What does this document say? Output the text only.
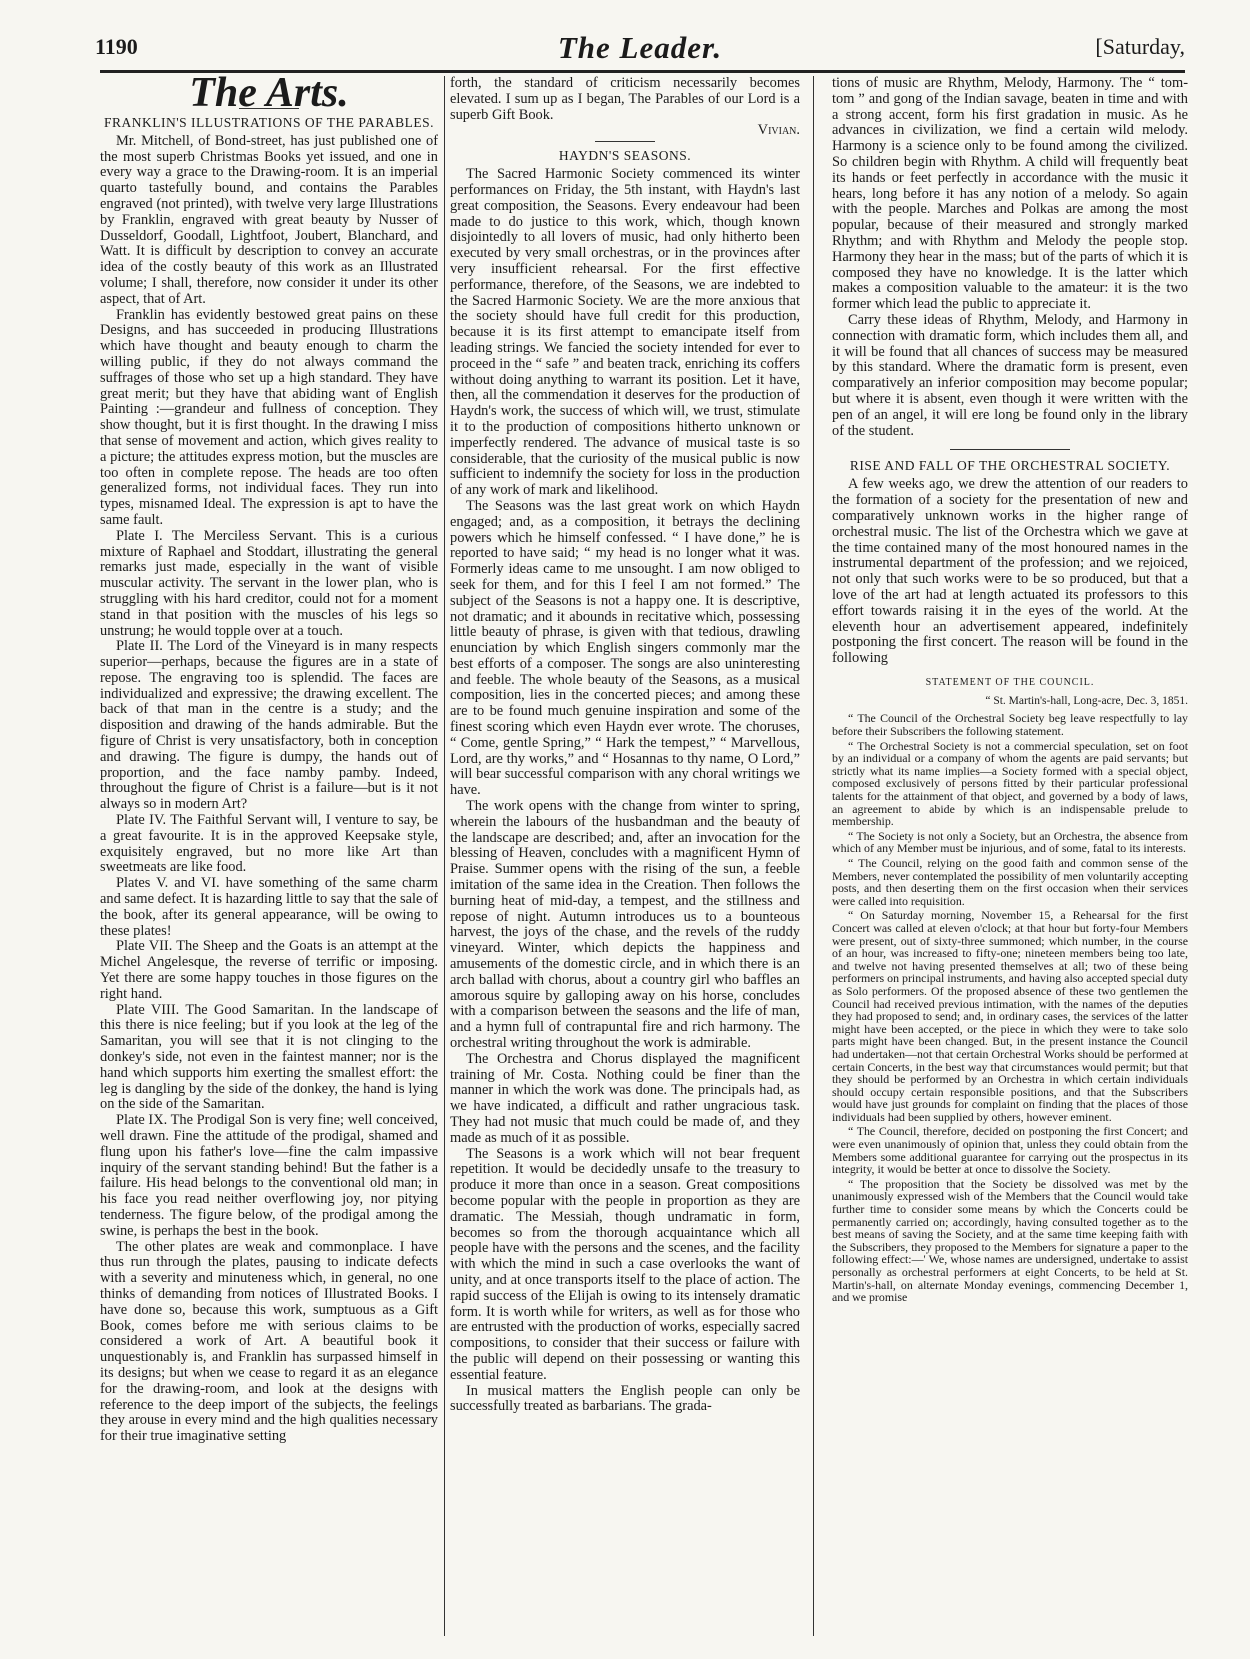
1190	The Leader.	[Saturday,
The Arts.
FRANKLIN'S ILLUSTRATIONS OF THE PARABLES.

Mr. Mitchell, of Bond-street, has just published one of the most superb Christmas Books yet issued, and one in every way a grace to the Drawing-room. It is an imperial quarto tastefully bound, and contains the Parables engraved (not printed), with twelve very large Illustrations by Franklin, engraved with great beauty by Nusser of Dusseldorf, Goodall, Lightfoot, Joubert, Blanchard, and Watt. It is difficult by description to convey an accurate idea of the costly beauty of this work as an Illustrated volume; I shall, therefore, now consider it under its other aspect, that of Art.

Franklin has evidently bestowed great pains on these Designs, and has succeeded in producing Illustrations which have thought and beauty enough to charm the willing public, if they do not always command the suffrages of those who set up a high standard. They have great merit; but they have that abiding want of English Painting :—grandeur and fullness of conception. They show thought, but it is first thought. In the drawing I miss that sense of movement and action, which gives reality to a picture; the attitudes express motion, but the muscles are too often in complete repose. The heads are too often generalized forms, not individual faces. They run into types, misnamed Ideal. The expression is apt to have the same fault.

Plate I. The Merciless Servant. This is a curious mixture of Raphael and Stoddart, illustrating the general remarks just made, especially in the want of visible muscular activity. The servant in the lower plan, who is struggling with his hard creditor, could not for a moment stand in that position with the muscles of his legs so unstrung; he would topple over at a touch.

Plate II. The Lord of the Vineyard is in many respects superior—perhaps, because the figures are in a state of repose. The engraving too is splendid. The faces are individualized and expressive; the drawing excellent. The back of that man in the centre is a study; and the disposition and drawing of the hands admirable. But the figure of Christ is very unsatisfactory, both in conception and drawing. The figure is dumpy, the hands out of proportion, and the face namby pamby. Indeed, throughout the figure of Christ is a failure—but is it not always so in modern Art?

Plate IV. The Faithful Servant will, I venture to say, be a great favourite. It is in the approved Keepsake style, exquisitely engraved, but no more like Art than sweetmeats are like food.

Plates V. and VI. have something of the same charm and same defect. It is hazarding little to say that the sale of the book, after its general appearance, will be owing to these plates!

Plate VII. The Sheep and the Goats is an attempt at the Michel Angelesque, the reverse of terrific or imposing. Yet there are some happy touches in those figures on the right hand.

Plate VIII. The Good Samaritan. In the landscape of this there is nice feeling; but if you look at the leg of the Samaritan, you will see that it is not clinging to the donkey's side, not even in the faintest manner; nor is the hand which supports him exerting the smallest effort: the leg is dangling by the side of the donkey, the hand is lying on the side of the Samaritan.

Plate IX. The Prodigal Son is very fine; well conceived, well drawn. Fine the attitude of the prodigal, shamed and flung upon his father's love—fine the calm impassive inquiry of the servant standing behind! But the father is a failure. His head belongs to the conventional old man; in his face you read neither overflowing joy, nor pitying tenderness. The figure below, of the prodigal among the swine, is perhaps the best in the book.

The other plates are weak and commonplace. I have thus run through the plates, pausing to indicate defects with a severity and minuteness which, in general, no one thinks of demanding from notices of Illustrated Books. I have done so, because this work, sumptuous as a Gift Book, comes before me with serious claims to be considered a work of Art. A beautiful book it unquestionably is, and Franklin has surpassed himself in its designs; but when we cease to regard it as an elegance for the drawing-room, and look at the designs with reference to the deep import of the subjects, the feelings they arouse in every mind and the high qualities necessary for their true imaginative setting

forth, the standard of criticism necessarily becomes elevated. I sum up as I began, The Parables of our Lord is a superb Gift Book.

Vivian.

HAYDN'S SEASONS.

The Sacred Harmonic Society commenced its winter performances on Friday, the 5th instant, with Haydn's last great composition, the Seasons. Every endeavour had been made to do justice to this work, which, though known disjointedly to all lovers of music, had only hitherto been executed by very small orchestras, or in the provinces after very insufficient rehearsal. For the first effective performance, therefore, of the Seasons, we are indebted to the Sacred Harmonic Society. We are the more anxious that the society should have full credit for this production, because it is its first attempt to emancipate itself from leading strings. We fancied the society intended for ever to proceed in the “ safe ” and beaten track, enriching its coffers without doing anything to warrant its position. Let it have, then, all the commendation it deserves for the production of Haydn's work, the success of which will, we trust, stimulate it to the production of compositions hitherto unknown or imperfectly rendered. The advance of musical taste is so considerable, that the curiosity of the musical public is now sufficient to indemnify the society for loss in the production of any work of mark and likelihood.

The Seasons was the last great work on which Haydn engaged; and, as a composition, it betrays the declining powers which he himself confessed. “ I have done,” he is reported to have said; “ my head is no longer what it was. Formerly ideas came to me unsought. I am now obliged to seek for them, and for this I feel I am not formed.” The subject of the Seasons is not a happy one. It is descriptive, not dramatic; and it abounds in recitative which, possessing little beauty of phrase, is given with that tedious, drawling enunciation by which English singers commonly mar the best efforts of a composer. The songs are also uninteresting and feeble. The whole beauty of the Seasons, as a musical composition, lies in the concerted pieces; and among these are to be found much genuine inspiration and some of the finest scoring which even Haydn ever wrote. The choruses, “ Come, gentle Spring,” “ Hark the tempest,” “ Marvellous, Lord, are thy works,” and “ Hosannas to thy name, O Lord,” will bear successful comparison with any choral writings we have.

The work opens with the change from winter to spring, wherein the labours of the husbandman and the beauty of the landscape are described; and, after an invocation for the blessing of Heaven, concludes with a magnificent Hymn of Praise. Summer opens with the rising of the sun, a feeble imitation of the same idea in the Creation. Then follows the burning heat of mid-day, a tempest, and the stillness and repose of night. Autumn introduces us to a bounteous harvest, the joys of the chase, and the revels of the ruddy vineyard. Winter, which depicts the happiness and amusements of the domestic circle, and in which there is an arch ballad with chorus, about a country girl who baffles an amorous squire by galloping away on his horse, concludes with a comparison between the seasons and the life of man, and a hymn full of contrapuntal fire and rich harmony. The orchestral writing throughout the work is admirable.

The Orchestra and Chorus displayed the magnificent training of Mr. Costa. Nothing could be finer than the manner in which the work was done. The principals had, as we have indicated, a difficult and rather ungracious task. They had not music that much could be made of, and they made as much of it as possible.

The Seasons is a work which will not bear frequent repetition. It would be decidedly unsafe to the treasury to produce it more than once in a season. Great compositions become popular with the people in proportion as they are dramatic. The Messiah, though undramatic in form, becomes so from the thorough acquaintance which all people have with the persons and the scenes, and the facility with which the mind in such a case overlooks the want of unity, and at once transports itself to the place of action. The rapid success of the Elijah is owing to its intensely dramatic form. It is worth while for writers, as well as for those who are entrusted with the production of works, especially sacred compositions, to consider that their success or failure with the public will depend on their possessing or wanting this essential feature.

In musical matters the English people can only be successfully treated as barbarians. The grada-

tions of music are Rhythm, Melody, Harmony. The “ tom-tom ” and gong of the Indian savage, beaten in time and with a strong accent, form his first gradation in music. As he advances in civilization, we find a certain wild melody. Harmony is a science only to be found among the civilized. So children begin with Rhythm. A child will frequently beat its hands or feet perfectly in accordance with the music it hears, long before it has any notion of a melody. So again with the people. Marches and Polkas are among the most popular, because of their measured and strongly marked Rhythm; and with Rhythm and Melody the people stop. Harmony they hear in the mass; but of the parts of which it is composed they have no knowledge. It is the latter which makes a composition valuable to the amateur: it is the two former which lead the public to appreciate it.

Carry these ideas of Rhythm, Melody, and Harmony in connection with dramatic form, which includes them all, and it will be found that all chances of success may be measured by this standard. Where the dramatic form is present, even comparatively an inferior composition may become popular; but where it is absent, even though it were written with the pen of an angel, it will ere long be found only in the library of the student.

RISE AND FALL OF THE ORCHESTRAL SOCIETY.

A few weeks ago, we drew the attention of our readers to the formation of a society for the presentation of new and comparatively unknown works in the higher range of orchestral music. The list of the Orchestra which we gave at the time contained many of the most honoured names in the instrumental department of the profession; and we rejoiced, not only that such works were to be so produced, but that a love of the art had at length actuated its professors to this effort towards raising it in the eyes of the world. At the eleventh hour an advertisement appeared, indefinitely postponing the first concert. The reason will be found in the following

STATEMENT OF THE COUNCIL.
“ St. Martin's-hall, Long-acre, Dec. 3, 1851.

“ The Council of the Orchestral Society beg leave respectfully to lay before their Subscribers the following statement.

“ The Orchestral Society is not a commercial speculation, set on foot by an individual or a company of whom the agents are paid servants; but strictly what its name implies—a Society formed with a special object, composed exclusively of persons fitted by their particular professional talents for the attainment of that object, and governed by a body of laws, an agreement to abide by which is an indispensable prelude to membership.

“ The Society is not only a Society, but an Orchestra, the absence from which of any Member must be injurious, and of some, fatal to its interests.

“ The Council, relying on the good faith and common sense of the Members, never contemplated the possibility of men voluntarily accepting posts, and then deserting them on the first occasion when their services were called into requisition.

“ On Saturday morning, November 15, a Rehearsal for the first Concert was called at eleven o'clock; at that hour but forty-four Members were present, out of sixty-three summoned; which number, in the course of an hour, was increased to fifty-one; nineteen members being too late, and twelve not having presented themselves at all; two of these being performers on principal instruments, and having also accepted special duty as Solo performers. Of the proposed absence of these two gentlemen the Council had received previous intimation, with the names of the deputies they had proposed to send; and, in ordinary cases, the services of the latter might have been accepted, or the piece in which they were to take solo parts might have been changed. But, in the present instance the Council had undertaken—not that certain Orchestral Works should be performed at certain Concerts, in the best way that circumstances would permit; but that they should be performed by an Orchestra in which certain individuals should occupy certain responsible positions, and that the Subscribers would have just grounds for complaint on finding that the places of those individuals had been supplied by others, however eminent.

“ The Council, therefore, decided on postponing the first Concert; and were even unanimously of opinion that, unless they could obtain from the Members some additional guarantee for carrying out the prospectus in its integrity, it would be better at once to dissolve the Society.

“ The proposition that the Society be dissolved was met by the unanimously expressed wish of the Members that the Council would take further time to consider some means by which the Concerts could be permanently carried on; accordingly, having consulted together as to the best means of saving the Society, and at the same time keeping faith with the Subscribers, they proposed to the Members for signature a paper to the following effect:—' We, whose names are undersigned, undertake to assist personally as orchestral performers at eight Concerts, to be held at St. Martin's-hall, on alternate Monday evenings, commencing December 1, and we promise
